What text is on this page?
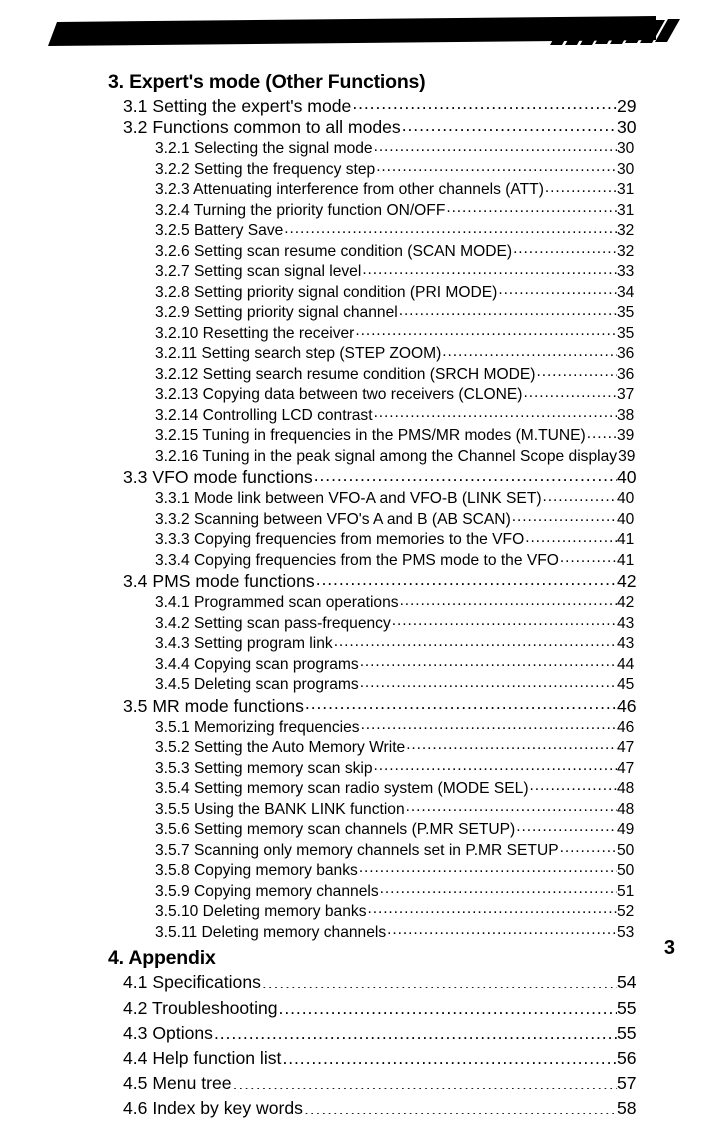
3. Expert's mode (Other Functions)
3.1 Setting the expert's mode .....	29
3.2 Functions common to all modes .....	30
3.2.1 Selecting the signal mode .....	30
3.2.2 Setting the frequency step .....	30
3.2.3 Attenuating interference from other channels (ATT) .....	31
3.2.4 Turning the priority function ON/OFF .....	31
3.2.5 Battery Save .....	32
3.2.6 Setting scan resume condition (SCAN MODE) .....	32
3.2.7 Setting scan signal level .....	33
3.2.8 Setting priority signal condition (PRI MODE) .....	34
3.2.9 Setting priority signal channel .....	35
3.2.10 Resetting the receiver .....	35
3.2.11 Setting search step (STEP ZOOM) .....	36
3.2.12 Setting search resume condition (SRCH MODE) .....	36
3.2.13 Copying data between two receivers (CLONE) .....	37
3.2.14 Controlling LCD contrast .....	38
3.2.15 Tuning in frequencies in the PMS/MR modes (M.TUNE) ..... 39
3.2.16 Tuning in the peak signal among the Channel Scope display 39
3.3 VFO mode functions .....	40
3.3.1 Mode link between VFO-A and VFO-B (LINK SET) .....	40
3.3.2 Scanning between VFO's A and B (AB SCAN) .....	40
3.3.3 Copying frequencies from memories to the VFO .....	41
3.3.4 Copying frequencies from the PMS mode to the VFO .....	41
3.4 PMS mode functions .....	42
3.4.1 Programmed scan operations .....	42
3.4.2 Setting scan pass-frequency .....	43
3.4.3 Setting program link .....	43
3.4.4 Copying scan programs .....	44
3.4.5 Deleting scan programs .....	45
3.5 MR mode functions .....	46
3.5.1 Memorizing frequencies .....	46
3.5.2 Setting the Auto Memory Write .....	47
3.5.3 Setting memory scan skip .....	47
3.5.4 Setting memory scan radio system (MODE SEL) .....	48
3.5.5 Using the BANK LINK function .....	48
3.5.6 Setting memory scan channels (P.MR SETUP) .....	49
3.5.7 Scanning only memory channels set in P.MR SETUP .....	50
3.5.8 Copying memory banks .....	50
3.5.9 Copying memory channels .....	51
3.5.10 Deleting memory banks .....	52
3.5.11 Deleting memory channels .....	53
4. Appendix
4.1 Specifications .....	54
4.2 Troubleshooting .....	55
4.3 Options .....	55
4.4 Help function list .....	56
4.5 Menu tree .....	57
4.6 Index by key words .....	58
3
